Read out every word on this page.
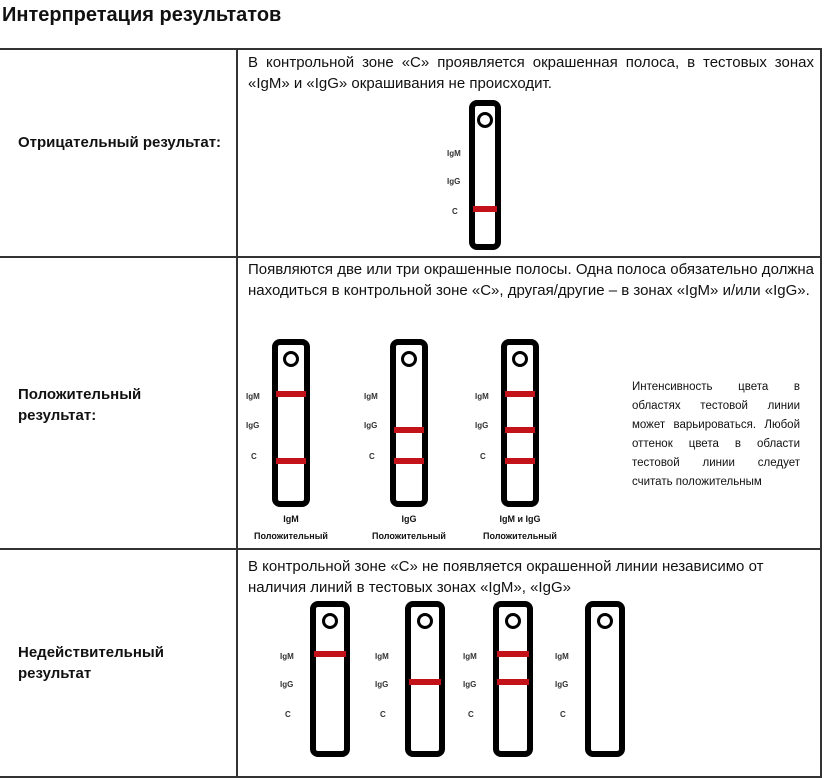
Интерпретация результатов
Отрицательный результат:
В контрольной зоне «С» проявляется окрашенная полоса, в тестовых зонах «IgM» и «IgG» окрашивания не происходит.
Положительный результат:
Появляются две или три окрашенные полосы. Одна полоса обязательно должна находиться в контрольной зоне «С», другая/другие – в зонах «IgM» и/или «IgG».
Интенсивность цвета в областях тестовой линии может варьироваться. Любой оттенок цвета в области тестовой линии следует считать положительным
Недействительный результат
В контрольной зоне «С» не появляется окрашенной линии независимо от наличия линий в тестовых зонах «IgM», «IgG»
IgM
IgG
C
IgM
IgG
C
IgM
Положительный
IgM
IgG
C
IgG
Положительный
IgM
IgG
C
IgM и IgG
Положительный
IgM
IgG
C
IgM
IgG
C
IgM
IgG
C
IgM
IgG
C
